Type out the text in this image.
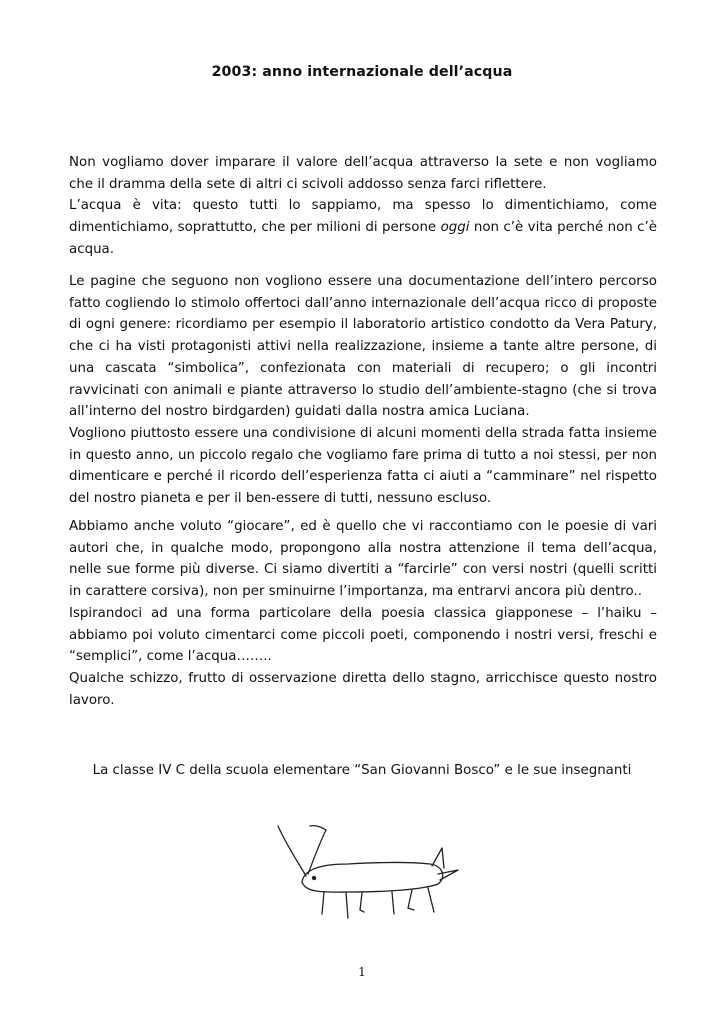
2003: anno internazionale dell’acqua

Non vogliamo dover imparare il valore dell’acqua attraverso la sete e non vogliamo che il dramma della sete di altri ci scivoli addosso senza farci riflettere.

L’acqua è vita: questo tutti lo sappiamo, ma spesso lo dimentichiamo, come dimentichiamo, soprattutto, che per milioni di persone oggi non c’è vita perché non c’è acqua.

Le pagine che seguono non vogliono essere una documentazione dell’intero percorso fatto cogliendo lo stimolo offertoci dall’anno internazionale dell’acqua ricco di proposte di ogni genere: ricordiamo per esempio il laboratorio artistico condotto da Vera Patury, che ci ha visti protagonisti attivi nella realizzazione, insieme a tante altre persone, di una cascata “simbolica”, confezionata con materiali di recupero; o gli incontri ravvicinati con animali e piante attraverso lo studio dell’ambiente-stagno (che si trova all’interno del nostro birdgarden) guidati dalla nostra amica Luciana.

Vogliono piuttosto essere una condivisione di alcuni momenti della strada fatta insieme in questo anno, un piccolo regalo che vogliamo fare prima di tutto a noi stessi, per non dimenticare e perché il ricordo dell’esperienza fatta ci aiuti a “camminare” nel rispetto del nostro pianeta e per il ben-essere di tutti, nessuno escluso.

Abbiamo anche voluto “giocare”, ed è quello che vi raccontiamo con le poesie di vari autori che, in qualche modo, propongono alla nostra attenzione il tema dell’acqua, nelle sue forme più diverse. Ci siamo divertiti a “farcirle” con versi nostri (quelli scritti in carattere corsiva), non per sminuirne l’importanza, ma entrarvi ancora più dentro..

Ispirandoci ad una forma particolare della poesia classica giapponese – l’haiku – abbiamo poi voluto cimentarci come piccoli poeti, componendo i nostri versi, freschi e “semplici”, come l’acqua……..

Qualche schizzo, frutto di osservazione diretta dello stagno, arricchisce questo nostro lavoro.

La classe IV C della scuola elementare “San Giovanni Bosco” e le sue insegnanti
1
